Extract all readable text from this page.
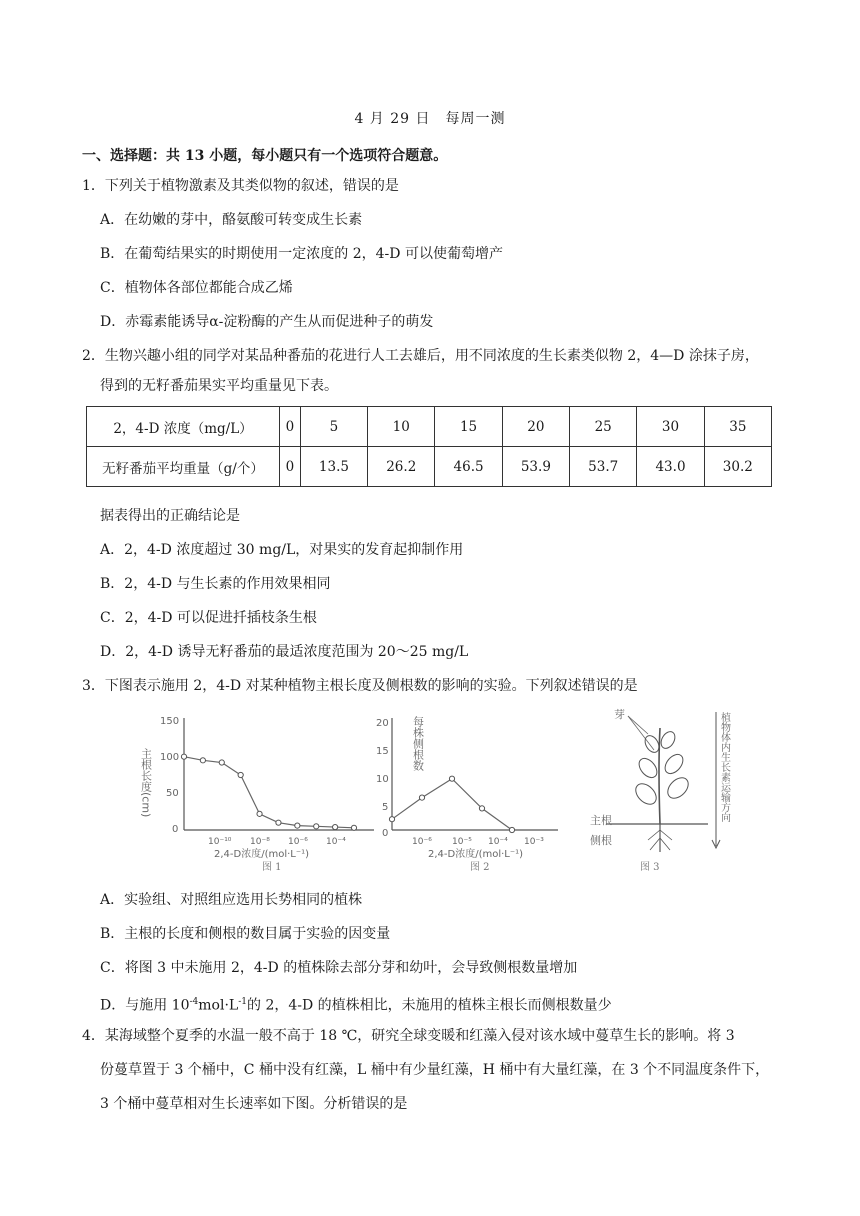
4 月 29 日　每周一测
一、选择题：共 13 小题，每小题只有一个选项符合题意。
1．下列关于植物激素及其类似物的叙述，错误的是
A．在幼嫩的芽中，酪氨酸可转变成生长素
B．在葡萄结果实的时期使用一定浓度的 2，4-D 可以使葡萄增产
C．植物体各部位都能合成乙烯
D．赤霉素能诱导α-淀粉酶的产生从而促进种子的萌发
2．生物兴趣小组的同学对某品种番茄的花进行人工去雄后，用不同浓度的生长素类似物 2，4—D 涂抹子房，
得到的无籽番茄果实平均重量见下表。
2，4-D 浓度（mg/L）	0	5	10	15	20	25	30	35
无籽番茄平均重量（g/个）	0	13.5	26.2	46.5	53.9	53.7	43.0	30.2
据表得出的正确结论是
A．2，4-D 浓度超过 30 mg/L，对果实的发育起抑制作用
B．2，4-D 与生长素的作用效果相同
C．2，4-D 可以促进扦插枝条生根
D．2，4-D 诱导无籽番茄的最适浓度范围为 20～25 mg/L
3．下图表示施用 2，4-D 对某种植物主根长度及侧根数的影响的实验。下列叙述错误的是
主根长度(cm)
150
100
50
0
10⁻¹⁰ 10⁻⁸ 10⁻⁶ 10⁻⁴
2,4-D浓度/(mol·L⁻¹)
图 1
每株侧根数
20
15
10
5
0
10⁻⁶ 10⁻⁵ 10⁻⁴ 10⁻³
2,4-D浓度/(mol·L⁻¹)
图 2
芽
主根
侧根
植物体内生长素运输方向
图 3
A．实验组、对照组应选用长势相同的植株
B．主根的长度和侧根的数目属于实验的因变量
C．将图 3 中未施用 2，4-D 的植株除去部分芽和幼叶，会导致侧根数量增加
D．与施用 $10^{-4}mol\cdot L^{-1}$的 2，4-D 的植株相比，未施用的植株主根长而侧根数量少
4．某海域整个夏季的水温一般不高于 18 ℃，研究全球变暖和红藻入侵对该水域中蔓草生长的影响。将 3
份蔓草置于 3 个桶中，C 桶中没有红藻，L 桶中有少量红藻，H 桶中有大量红藻，在 3 个不同温度条件下，
3 个桶中蔓草相对生长速率如下图。分析错误的是
